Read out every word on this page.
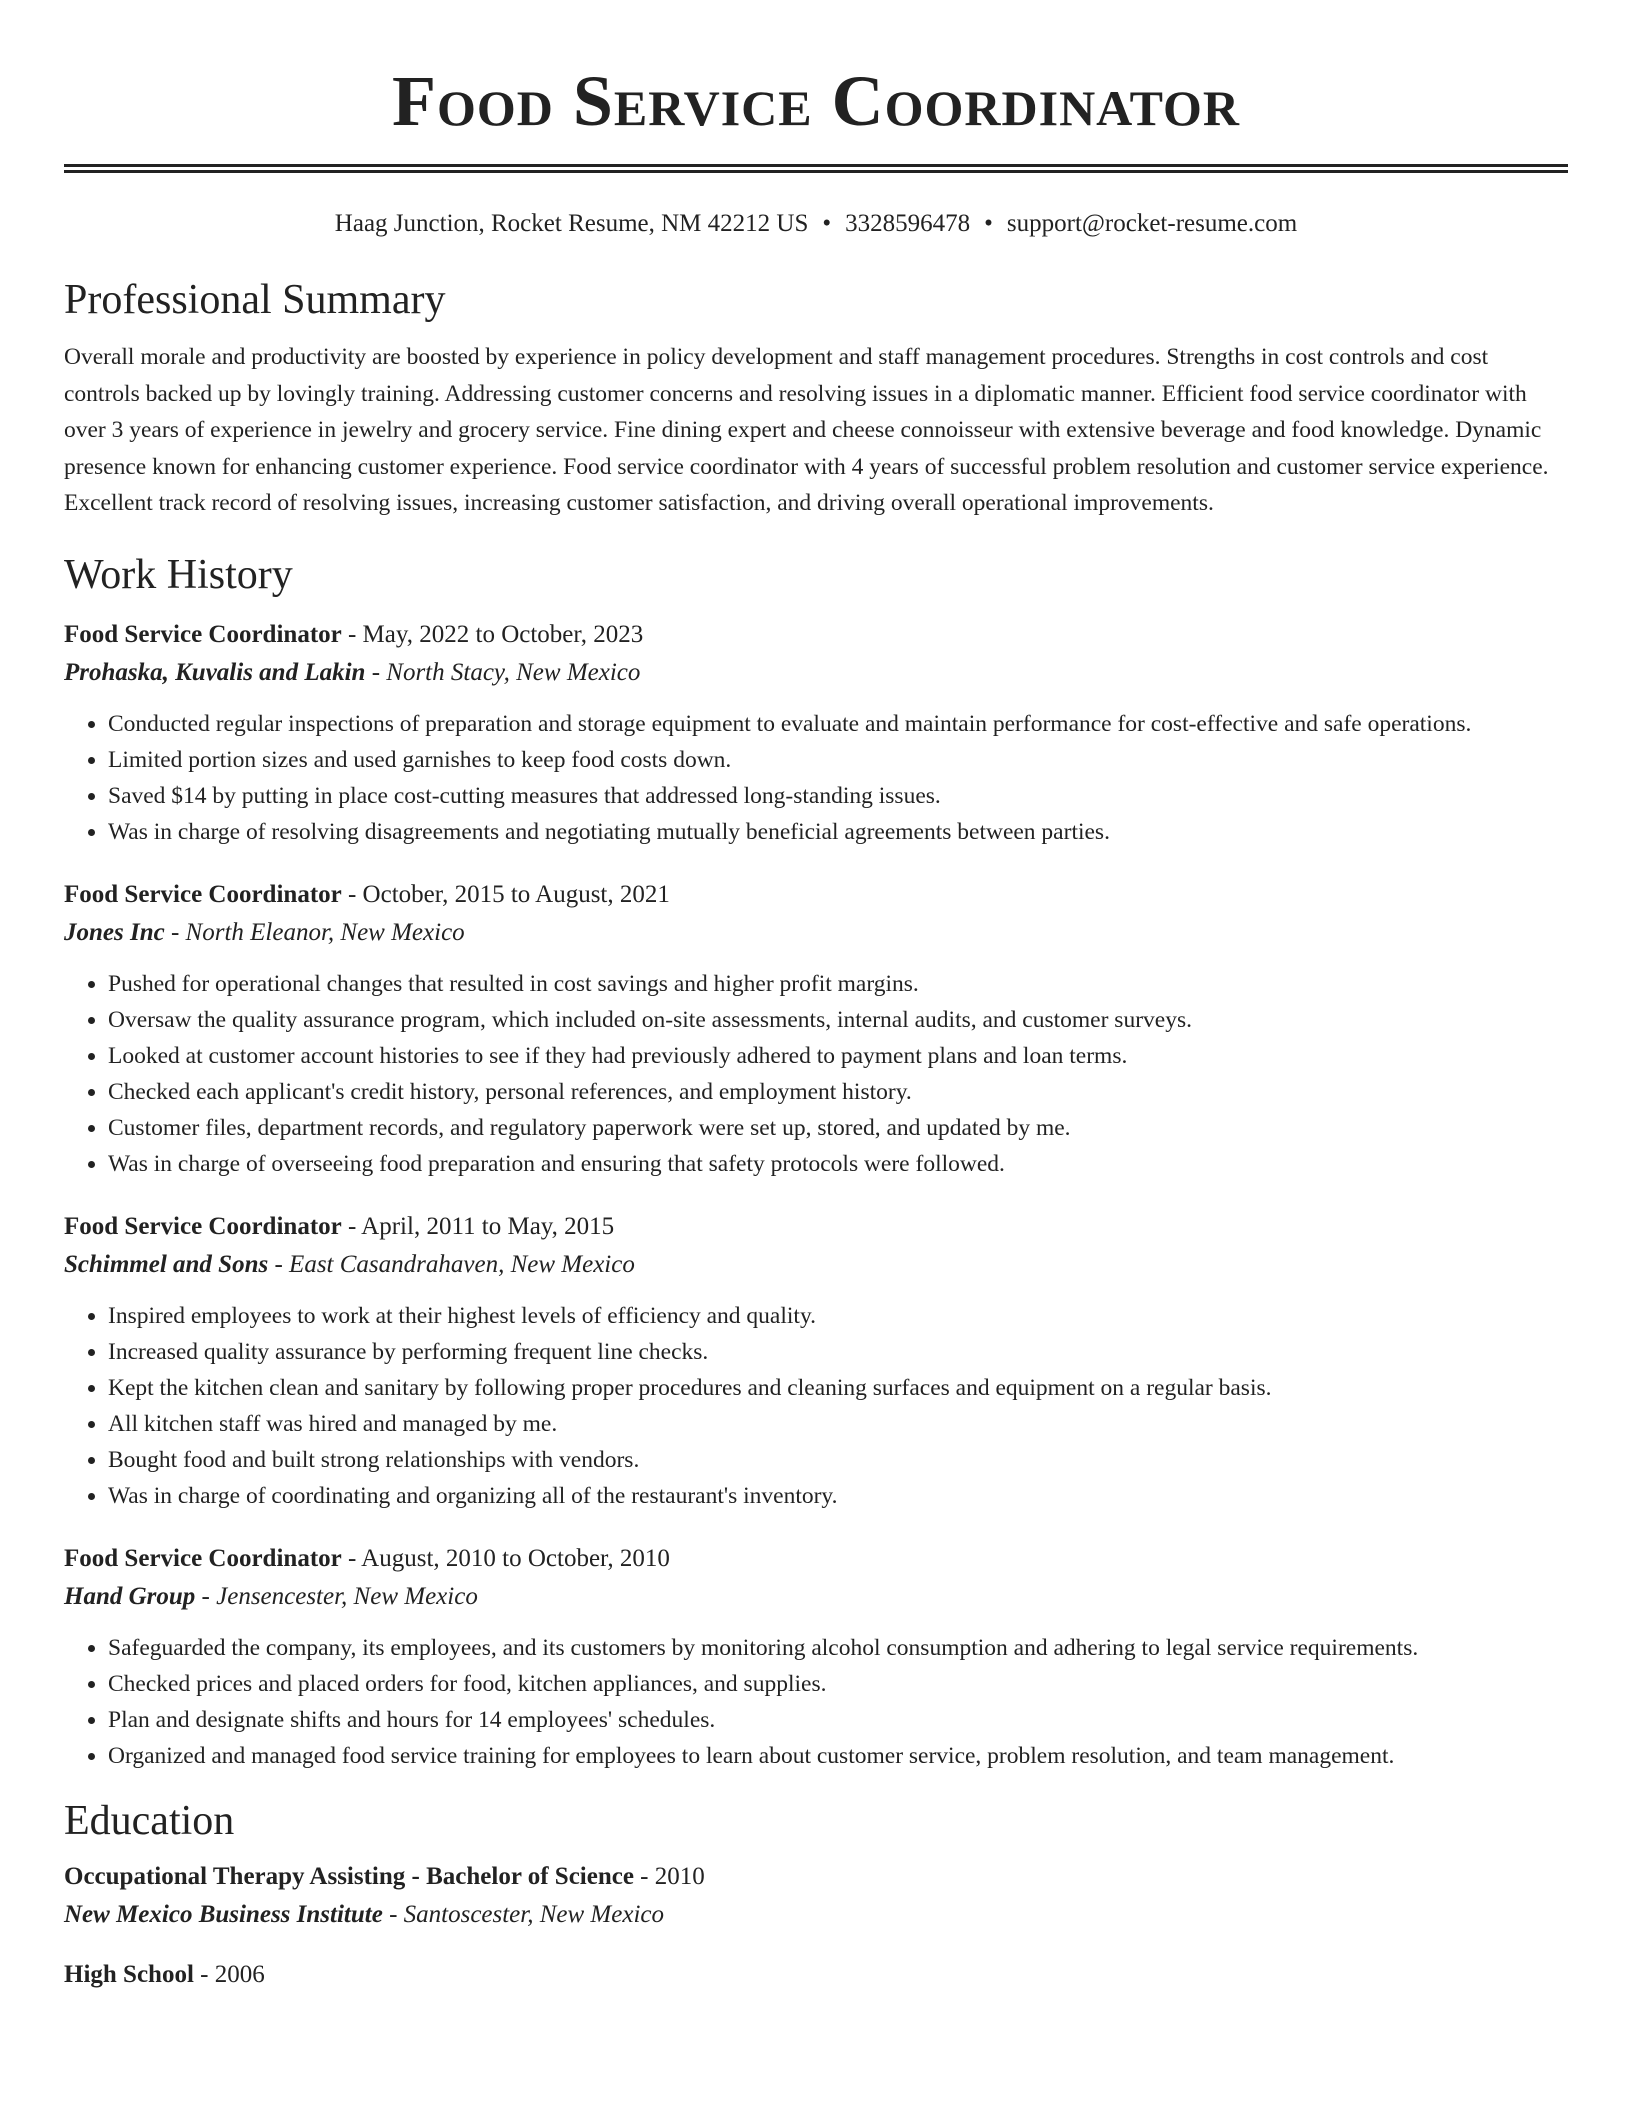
Food Service Coordinator
Haag Junction, Rocket Resume, NM 42212 US • 3328596478 • support@rocket-resume.com
Professional Summary

Overall morale and productivity are boosted by experience in policy development and staff management procedures. Strengths in cost controls and cost controls backed up by lovingly training. Addressing customer concerns and resolving issues in a diplomatic manner. Efficient food service coordinator with over 3 years of experience in jewelry and grocery service. Fine dining expert and cheese connoisseur with extensive beverage and food knowledge. Dynamic presence known for enhancing customer experience. Food service coordinator with 4 years of successful problem resolution and customer service experience. Excellent track record of resolving issues, increasing customer satisfaction, and driving overall operational improvements.

Work History
Food Service Coordinator - May, 2022 to October, 2023
Prohaska, Kuvalis and Lakin - North Stacy, New Mexico
• Conducted regular inspections of preparation and storage equipment to evaluate and maintain performance for cost-effective and safe operations.
• Limited portion sizes and used garnishes to keep food costs down.
• Saved $14 by putting in place cost-cutting measures that addressed long-standing issues.
• Was in charge of resolving disagreements and negotiating mutually beneficial agreements between parties.
Food Service Coordinator - October, 2015 to August, 2021
Jones Inc - North Eleanor, New Mexico
• Pushed for operational changes that resulted in cost savings and higher profit margins.
• Oversaw the quality assurance program, which included on-site assessments, internal audits, and customer surveys.
• Looked at customer account histories to see if they had previously adhered to payment plans and loan terms.
• Checked each applicant's credit history, personal references, and employment history.
• Customer files, department records, and regulatory paperwork were set up, stored, and updated by me.
• Was in charge of overseeing food preparation and ensuring that safety protocols were followed.
Food Service Coordinator - April, 2011 to May, 2015
Schimmel and Sons - East Casandrahaven, New Mexico
• Inspired employees to work at their highest levels of efficiency and quality.
• Increased quality assurance by performing frequent line checks.
• Kept the kitchen clean and sanitary by following proper procedures and cleaning surfaces and equipment on a regular basis.
• All kitchen staff was hired and managed by me.
• Bought food and built strong relationships with vendors.
• Was in charge of coordinating and organizing all of the restaurant's inventory.
Food Service Coordinator - August, 2010 to October, 2010
Hand Group - Jensencester, New Mexico
• Safeguarded the company, its employees, and its customers by monitoring alcohol consumption and adhering to legal service requirements.
• Checked prices and placed orders for food, kitchen appliances, and supplies.
• Plan and designate shifts and hours for 14 employees' schedules.
• Organized and managed food service training for employees to learn about customer service, problem resolution, and team management.
Education
Occupational Therapy Assisting - Bachelor of Science - 2010
New Mexico Business Institute - Santoscester, New Mexico
High School - 2006
